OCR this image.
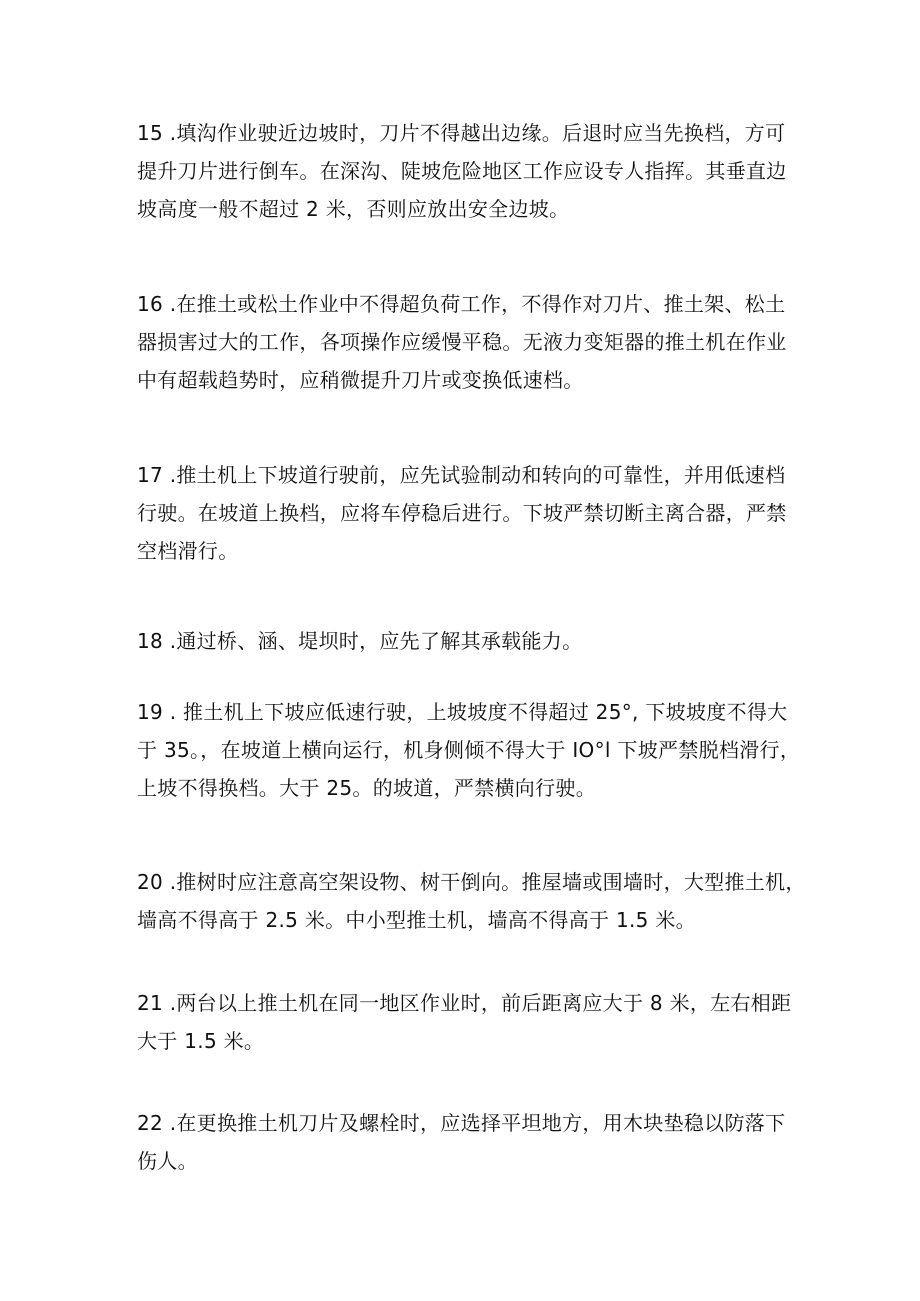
15 .填沟作业驶近边坡时，刀片不得越出边缘。后退时应当先换档，方可
提升刀片进行倒车。在深沟、陡坡危险地区工作应设专人指挥。其垂直边
坡高度一般不超过 2 米，否则应放出安全边坡。

16 .在推土或松土作业中不得超负荷工作，不得作对刀片、推土架、松土
器损害过大的工作，各项操作应缓慢平稳。无液力变矩器的推土机在作业
中有超载趋势时，应稍微提升刀片或变换低速档。

17 .推土机上下坡道行驶前，应先试验制动和转向的可靠性，并用低速档
行驶。在坡道上换档，应将车停稳后进行。下坡严禁切断主离合器，严禁
空档滑行。

18 .通过桥、涵、堤坝时，应先了解其承载能力。

19 . 推土机上下坡应低速行驶，上坡坡度不得超过 25°, 下坡坡度不得大
于 35。，在坡道上横向运行，机身侧倾不得大于 IO°l 下坡严禁脱档滑行，
上坡不得换档。大于 25。的坡道，严禁横向行驶。

20 .推树时应注意高空架设物、树干倒向。推屋墙或围墙时，大型推土机，
墙高不得高于 2.5 米。中小型推土机，墙高不得高于 1.5 米。

21 .两台以上推土机在同一地区作业时，前后距离应大于 8 米，左右相距
大于 1.5 米。

22 .在更换推土机刀片及螺栓时，应选择平坦地方，用木块垫稳以防落下
伤人。
